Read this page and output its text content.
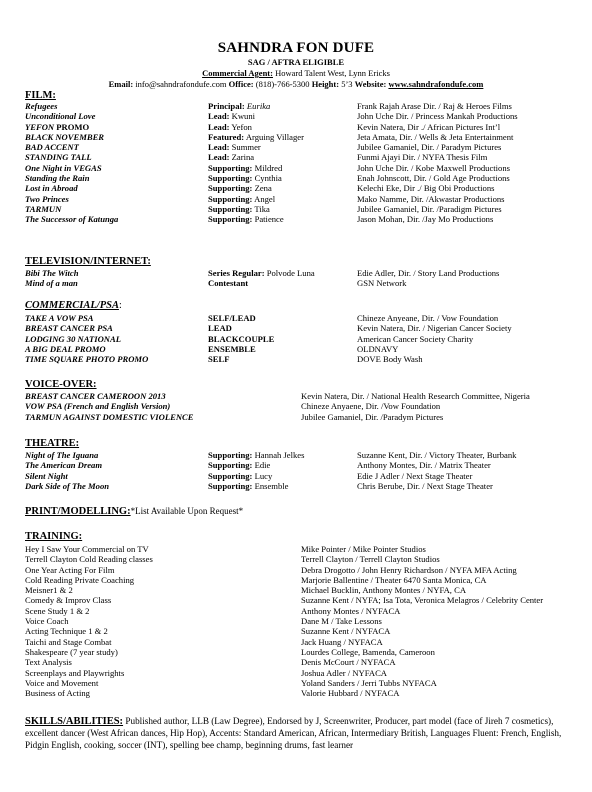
SAHNDRA FON DUFE
SAG / AFTRA ELIGIBLE
Commercial Agent: Howard Talent West, Lynn Ericks
Email: info@sahndrafondufe.com Office: (818)-766-5300 Height: 5’3 Website: www.sahndrafondufe.com
FILM:
Refugees	Principal: Eurika	Frank Rajah Arase Dir. / Raj & Heroes Films
Unconditional Love	Lead: Kwuni	John Uche Dir. / Princess Mankah Productions
YEFON PROMO	Lead: Yefon	Kevin Natera, Dir ./ African Pictures Int’l
BLACK NOVEMBER	Featured: Arguing Villager	Jeta Amata, Dir. / Wells & Jeta Entertainment
BAD ACCENT	Lead: Summer	Jubilee Gamaniel, Dir. / Paradym Pictures
STANDING TALL	Lead: Zarina	Funmi Ajayi Dir. / NYFA Thesis Film
One Night in VEGAS	Supporting: Mildred	John Uche Dir. / Kobe Maxwell Productions
Standing the Rain	Supporting: Cynthia	Enah Johnscott, Dir. / Gold Age Productions
Lost in Abroad	Supporting: Zena	Kelechi Eke, Dir ./ Big Obi Productions
Two Princes	Supporting: Angel	Mako Namme, Dir. /Akwastar Productions
TARMUN	Supporting: Tika	Jubilee Gamaniel, Dir. /Paradigm Pictures
The Successor of Katunga	Supporting: Patience	Jason Mohan, Dir. /Jay Mo Productions
TELEVISION/INTERNET:
Bibi The Witch	Series Regular: Polvode Luna	Edie Adler, Dir. / Story Land Productions
Mind of a man	Contestant	GSN Network
COMMERCIAL/PSA:
TAKE A VOW PSA	SELF/LEAD	Chineze Anyeane, Dir. / Vow Foundation
BREAST CANCER PSA	LEAD	Kevin Natera, Dir. / Nigerian Cancer Society
LODGING 30 NATIONAL	BLACKCOUPLE	American Cancer Society Charity
A BIG DEAL PROMO	ENSEMBLE	OLDNAVY
TIME SQUARE PHOTO PROMO	SELF	DOVE Body Wash
VOICE-OVER:
BREAST CANCER CAMEROON 2013	Kevin Natera, Dir. / National Health Research Committee, Nigeria
VOW PSA (French and English Version)	Chineze Anyaene, Dir. /Vow Foundation
TARMUN AGAINST DOMESTIC VIOLENCE	Jubilee Gamaniel, Dir. /Paradym Pictures
THEATRE:
Night of The Iguana	Supporting: Hannah Jelkes	Suzanne Kent, Dir. / Victory Theater, Burbank
The American Dream	Supporting: Edie	Anthony Montes, Dir. / Matrix Theater
Silent Night	Supporting: Lucy	Edie J Adler / Next Stage Theater
Dark Side of The Moon	Supporting: Ensemble	Chris Berube, Dir. / Next Stage Theater
PRINT/MODELLING:*List Available Upon Request*
TRAINING:
Hey I Saw Your Commercial on TV	Mike Pointer / Mike Pointer Studios
Terrell Clayton Cold Reading classes	Terrell Clayton / Terrell Clayton Studios
One Year Acting For Film	Debra Drogotto / John Henry Richardson / NYFA MFA Acting
Cold Reading Private Coaching	Marjorie Ballentine / Theater 6470 Santa Monica, CA
Meisner1 & 2	Michael Bucklin, Anthony Montes / NYFA, CA
Comedy & Improv Class	Suzanne Kent / NYFA; Isa Tota, Veronica Melagros / Celebrity Center
Scene Study 1 & 2	Anthony Montes / NYFACA
Voice Coach	Dane M / Take Lessons
Acting Technique 1 & 2	Suzanne Kent / NYFACA
Taichi and Stage Combat	Jack Huang / NYFACA
Shakespeare (7 year study)	Lourdes College, Bamenda, Cameroon
Text Analysis	Denis McCourt / NYFACA
Screenplays and Playwrights	Joshua Adler / NYFACA
Voice and Movement	Yoland Sanders / Jerri Tubbs NYFACA
Business of Acting	Valorie Hubbard / NYFACA
SKILLS/ABILITIES: Published author, LLB (Law Degree), Endorsed by J, Screenwriter, Producer, part model (face of Jireh 7 cosmetics), excellent dancer (West African dances, Hip Hop), Accents: Standard American, African, Intermediary British, Languages Fluent: French, English, Pidgin English, cooking, soccer (INT), spelling bee champ, beginning drums, fast learner
